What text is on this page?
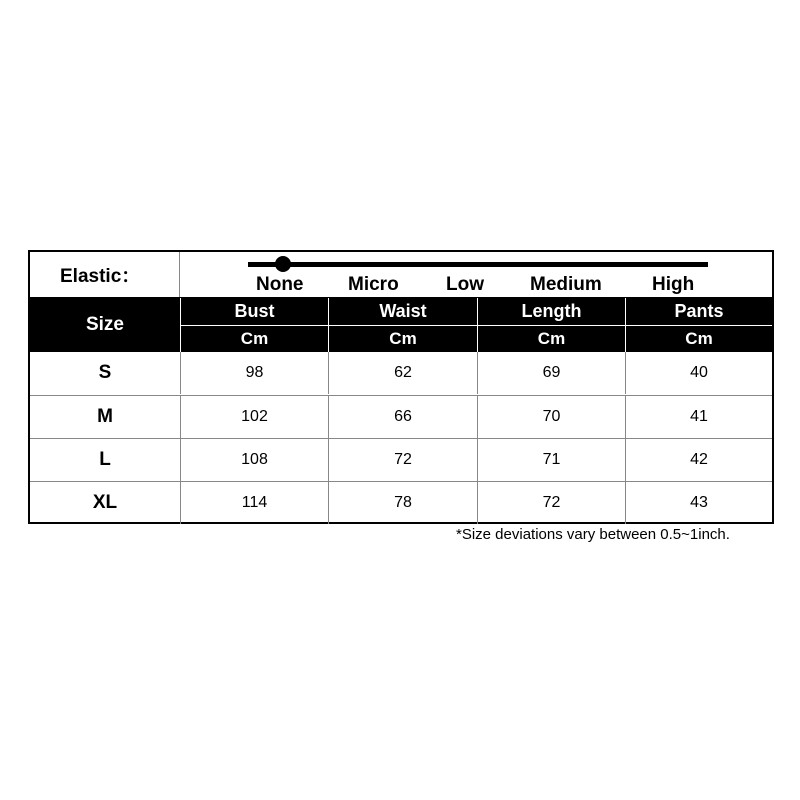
Elastic：	None Micro Low Medium	High
Size
Bust	Waist	Length	Pants
Cm	Cm	Cm	Cm
S	98	62	69	40
M	102	66	70	41
L	108	72	71	42
XL	114	78	72	43
*Size deviations vary between 0.5~1inch.
